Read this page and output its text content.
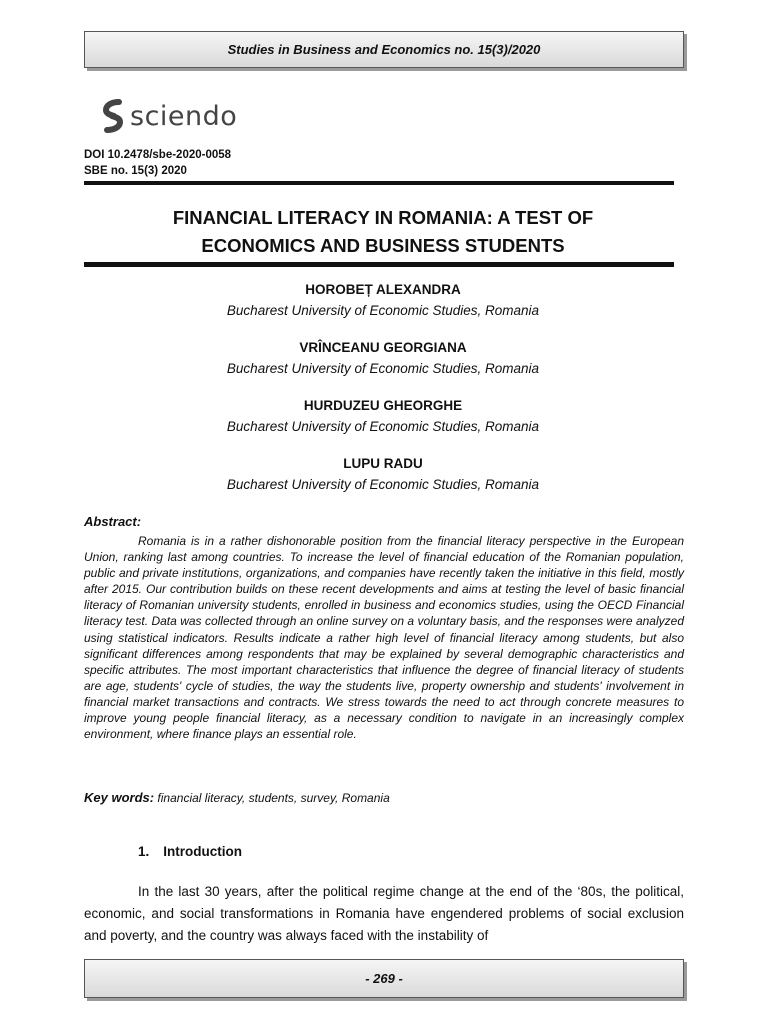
Studies in Business and Economics no. 15(3)/2020
sciendo
DOI 10.2478/sbe-2020-0058
SBE no. 15(3) 2020
FINANCIAL LITERACY IN ROMANIA: A TEST OF
ECONOMICS AND BUSINESS STUDENTS
HOROBEȚ ALEXANDRA
Bucharest University of Economic Studies, Romania
VRÎNCEANU GEORGIANA
Bucharest University of Economic Studies, Romania
HURDUZEU GHEORGHE
Bucharest University of Economic Studies, Romania
LUPU RADU
Bucharest University of Economic Studies, Romania
Abstract:
Romania is in a rather dishonorable position from the financial literacy perspective in the European Union, ranking last among countries. To increase the level of financial education of the Romanian population, public and private institutions, organizations, and companies have recently taken the initiative in this field, mostly after 2015. Our contribution builds on these recent developments and aims at testing the level of basic financial literacy of Romanian university students, enrolled in business and economics studies, using the OECD Financial literacy test. Data was collected through an online survey on a voluntary basis, and the responses were analyzed using statistical indicators. Results indicate a rather high level of financial literacy among students, but also significant differences among respondents that may be explained by several demographic characteristics and specific attributes. The most important characteristics that influence the degree of financial literacy of students are age, students' cycle of studies, the way the students live, property ownership and students' involvement in financial market transactions and contracts. We stress towards the need to act through concrete measures to improve young people financial literacy, as a necessary condition to navigate in an increasingly complex environment, where finance plays an essential role.
Key words: financial literacy, students, survey, Romania
1. Introduction
In the last 30 years, after the political regime change at the end of the ‘80s, the political, economic, and social transformations in Romania have engendered problems of social exclusion and poverty, and the country was always faced with the instability of
- 269 -
